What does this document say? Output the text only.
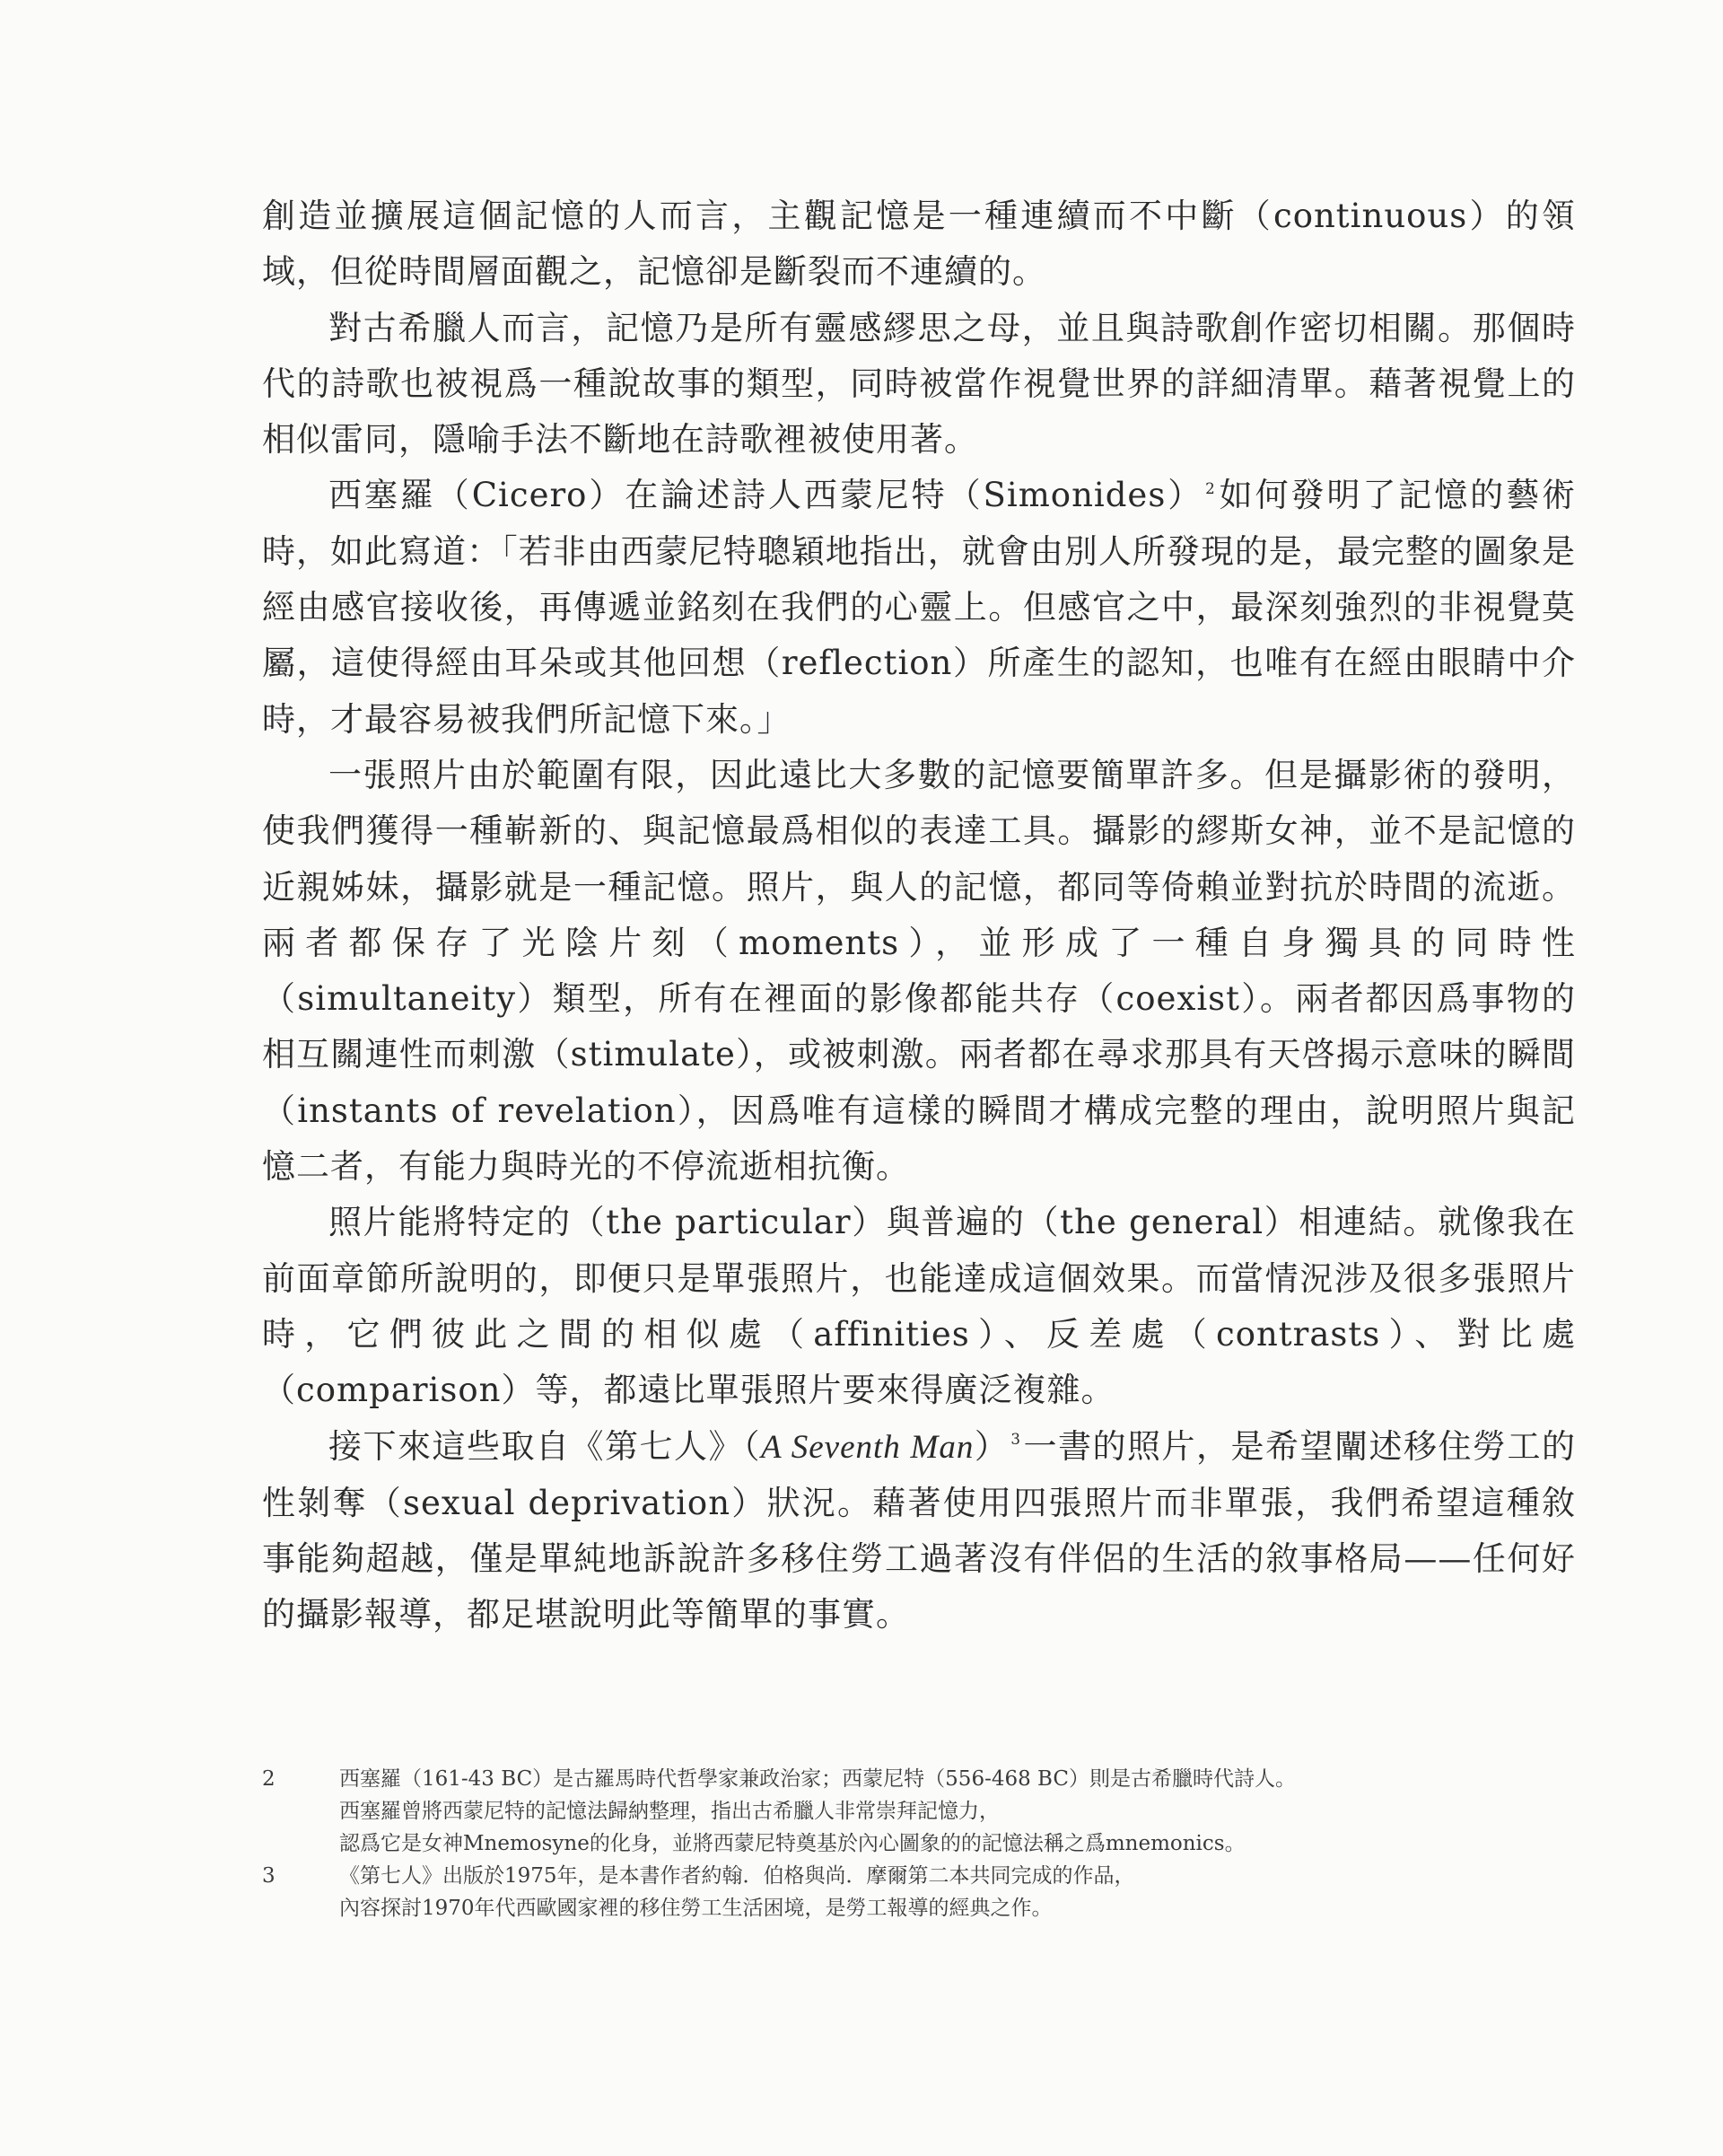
創造並擴展這個記憶的人而言，主觀記憶是一種連續而不中斷（continuous）的領域，但從時間層面觀之，記憶卻是斷裂而不連續的。

對古希臘人而言，記憶乃是所有靈感繆思之母，並且與詩歌創作密切相關。那個時代的詩歌也被視爲一種說故事的類型，同時被當作視覺世界的詳細清單。藉著視覺上的相似雷同，隱喻手法不斷地在詩歌裡被使用著。

西塞羅（Cicero）在論述詩人西蒙尼特（Simonides） $^2$如何發明了記憶的藝術時，如此寫道：「若非由西蒙尼特聰穎地指出，就會由別人所發現的是，最完整的圖象是經由感官接收後，再傳遞並銘刻在我們的心靈上。但感官之中，最深刻強烈的非視覺莫屬，這使得經由耳朵或其他回想（reflection）所產生的認知，也唯有在經由眼睛中介時，才最容易被我們所記憶下來。」

一張照片由於範圍有限，因此遠比大多數的記憶要簡單許多。但是攝影術的發明，使我們獲得一種嶄新的、與記憶最爲相似的表達工具。攝影的繆斯女神，並不是記憶的近親姊妹，攝影就是一種記憶。照片，與人的記憶，都同等倚賴並對抗於時間的流逝。兩者都保存了光陰片刻（moments），並形成了一種自身獨具的同時性（simultaneity）類型，所有在裡面的影像都能共存（coexist）。兩者都因爲事物的相互關連性而刺激（stimulate），或被刺激。兩者都在尋求那具有天啓揭示意味的瞬間（instants of revelation），因爲唯有這樣的瞬間才構成完整的理由，說明照片與記憶二者，有能力與時光的不停流逝相抗衡。

照片能將特定的（the particular）與普遍的（the general）相連結。就像我在前面章節所說明的，即便只是單張照片，也能達成這個效果。而當情況涉及很多張照片時，它們彼此之間的相似處（affinities）、反差處（contrasts）、對比處（comparison）等，都遠比單張照片要來得廣泛複雜。

接下來這些取自《第七人》（A Seventh Man） $^3$一書的照片，是希望闡述移住勞工的性剝奪（sexual deprivation）狀況。藉著使用四張照片而非單張，我們希望這種敘事能夠超越，僅是單純地訴說許多移住勞工過著沒有伴侶的生活的敘事格局——任何好的攝影報導，都足堪說明此等簡單的事實。

2	西塞羅（161-43 BC）是古羅馬時代哲學家兼政治家；西蒙尼特（556-468 BC）則是古希臘時代詩人。
西塞羅曾將西蒙尼特的記憶法歸納整理，指出古希臘人非常崇拜記憶力，
認爲它是女神Mnemosyne的化身，並將西蒙尼特奠基於內心圖象的的記憶法稱之爲mnemonics。
3	《第七人》出版於1975年，是本書作者約翰．伯格與尚．摩爾第二本共同完成的作品，
內容探討1970年代西歐國家裡的移住勞工生活困境，是勞工報導的經典之作。
